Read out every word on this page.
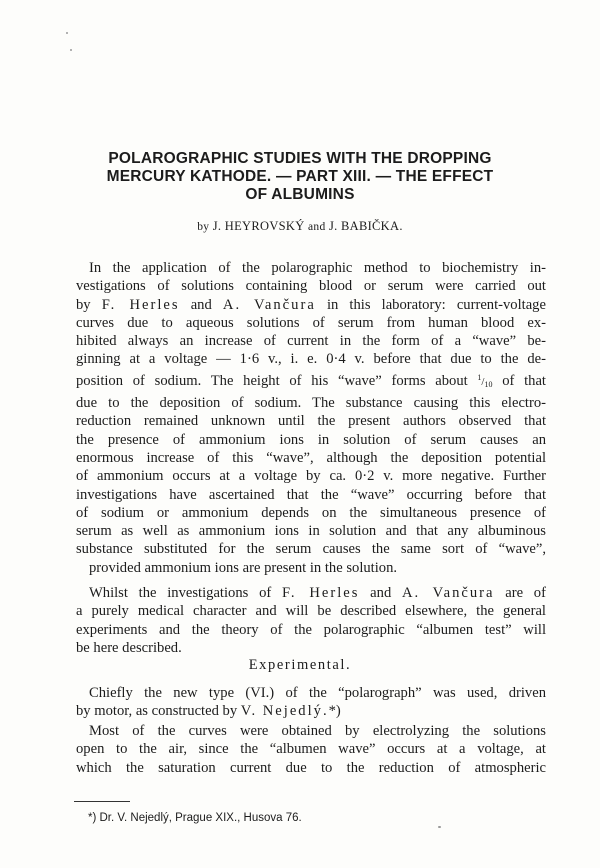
POLAROGRAPHIC STUDIES WITH THE DROPPING
MERCURY KATHODE. — PART XIII. — THE EFFECT
OF ALBUMINS
by J. HEYROVSKÝ and J. BABIČKA.
In the application of the polarographic method to biochemistry in-
vestigations of solutions containing blood or serum were carried out
by F. Herles and A. Vančura in this laboratory: current-voltage
curves due to aqueous solutions of serum from human blood ex-
hibited always an increase of current in the form of a “wave” be-
ginning at a voltage — 1·6 v., i. e. 0·4 v. before that due to the de-
position of sodium. The height of his “wave” forms about $^1/_{10}$ of that
due to the deposition of sodium. The substance causing this electro-
reduction remained unknown until the present authors observed that
the presence of ammonium ions in solution of serum causes an
enormous increase of this “wave”, although the deposition potential
of ammonium occurs at a voltage by ca. 0·2 v. more negative. Further
investigations have ascertained that the “wave” occurring before that
of sodium or ammonium depends on the simultaneous presence of
serum as well as ammonium ions in solution and that any albuminous
substance substituted for the serum causes the same sort of “wave”,
provided ammonium ions are present in the solution.
Whilst the investigations of F. Herles and A. Vančura are of
a purely medical character and will be described elsewhere, the general
experiments and the theory of the polarographic “albumen test” will
be here described.
Experimental.
Chiefly the new type (VI.) of the “polarograph” was used, driven
by motor, as constructed by V. Nejedlý.*)
Most of the curves were obtained by electrolyzing the solutions
open to the air, since the “albumen wave” occurs at a voltage, at
which the saturation current due to the reduction of atmospheric
*) Dr. V. Nejedlý, Prague XIX., Husova 76.
